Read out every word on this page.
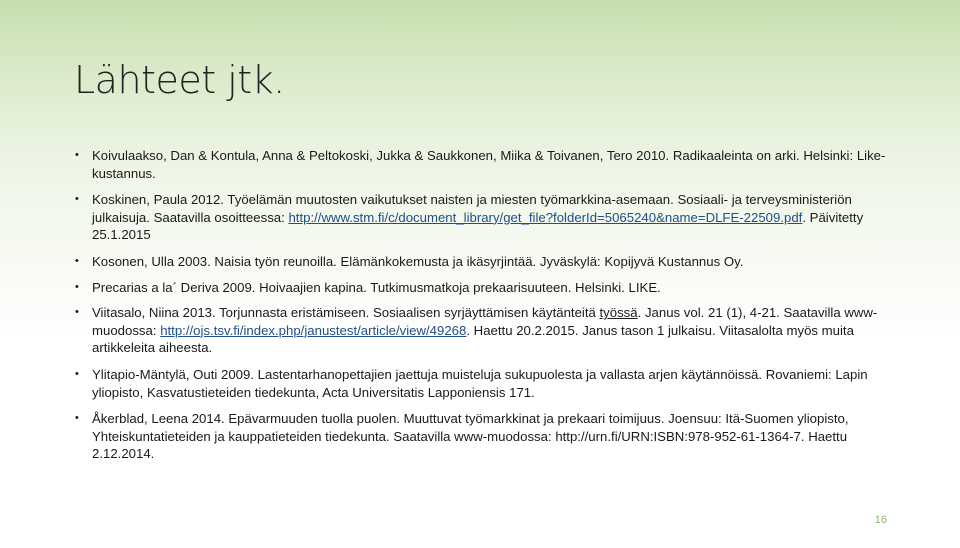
Lähteet jtk.
• Koivulaakso, Dan & Kontula, Anna & Peltokoski, Jukka & Saukkonen, Miika & Toivanen, Tero 2010. Radikaaleinta on arki. Helsinki: Like-kustannus.
• Koskinen, Paula 2012. Työelämän muutosten vaikutukset naisten ja miesten työmarkkina-asemaan. Sosiaali- ja terveysministeriön julkaisuja. Saatavilla osoitteessa: http://www.stm.fi/c/document_library/get_file?folderId=5065240&name=DLFE-22509.pdf. Päivitetty 25.1.2015
• Kosonen, Ulla 2003. Naisia työn reunoilla. Elämänkokemusta ja ikäsyrjintää. Jyväskylä: Kopijyvä Kustannus Oy.
• Precarias a la´ Deriva 2009. Hoivaajien kapina. Tutkimusmatkoja prekaarisuuteen. Helsinki. LIKE.
• Viitasalo, Niina 2013. Torjunnasta eristämiseen. Sosiaalisen syrjäyttämisen käytänteitä työssä. Janus vol. 21 (1), 4-21. Saatavilla www-muodossa: http://ojs.tsv.fi/index.php/janustest/article/view/49268. Haettu 20.2.2015. Janus tason 1 julkaisu. Viitasalolta myös muita artikkeleita aiheesta.
• Ylitapio-Mäntylä, Outi 2009. Lastentarhanopettajien jaettuja muisteluja sukupuolesta ja vallasta arjen käytännöissä. Rovaniemi: Lapin yliopisto, Kasvatustieteiden tiedekunta, Acta Universitatis Lapponiensis 171.
• Åkerblad, Leena 2014. Epävarmuuden tuolla puolen. Muuttuvat työmarkkinat ja prekaari toimijuus. Joensuu: Itä-Suomen yliopisto, Yhteiskuntatieteiden ja kauppatieteiden tiedekunta. Saatavilla www-muodossa: http://urn.fi/URN:ISBN:978-952-61-1364-7. Haettu 2.12.2014.
16
